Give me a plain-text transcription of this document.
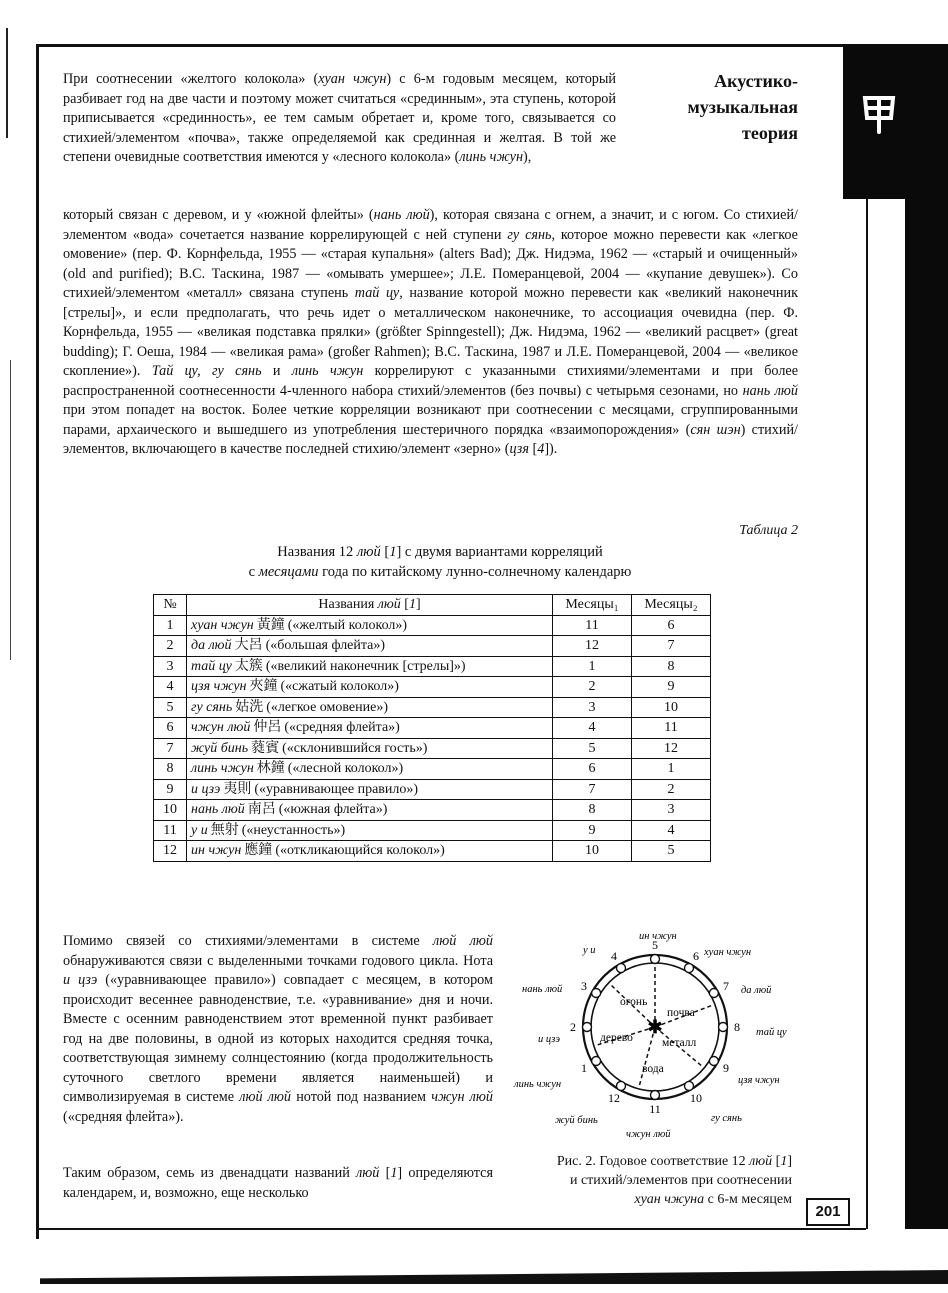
201
Акустико-
музыкальная
теория
При соотнесении «желтого колокола» (хуан чжун) с 6-м годовым месяцем, который разбивает год на две части и поэтому может считаться «срединным», эта ступень, которой приписывается «срединность», ее тем самым обретает и, кроме того, связывается со стихией/элементом «почва», также определяемой как срединная и желтая. В той же степени очевидные соответствия имеются у «лесного колокола» (линь чжун),
который связан с деревом, и у «южной флейты» (нань люй), которая связана с огнем, а значит, и с югом. Со стихией/элементом «вода» сочетается название коррелирующей с ней ступени гу сянь, которое можно перевести как «легкое омовение» (пер. Ф. Корнфельда, 1955 — «старая купальня» (alters Bad); Дж. Нидэма, 1962 — «старый и очищенный» (old and purified); В.С. Таскина, 1987 — «омывать умершее»; Л.Е. Померанцевой, 2004 — «купание девушек»). Со стихией/элементом «металл» связана ступень тай цу, название которой можно перевести как «великий наконечник [стрелы]», и если предполагать, что речь идет о металлическом наконечнике, то ассоциация очевидна (пер. Ф. Корнфельда, 1955 — «великая подставка прялки» (größter Spinngestell); Дж. Нидэма, 1962 — «великий расцвет» (great budding); Г. Оеша, 1984 — «великая рама» (großer Rahmen); В.С. Таскина, 1987 и Л.Е. Померанцевой, 2004 — «великое скопление»). Тай цу, гу сянь и линь чжун коррелируют с указанными стихиями/элементами и при более распространенной соотнесенности 4-членного набора стихий/элементов (без почвы) с четырьмя сезонами, но нань люй при этом попадет на восток. Более четкие корреляции возникают при соотнесении с месяцами, сгруппированными парами, архаического и вышедшего из употребления шестеричного порядка «взаимопорождения» (сян шэн) стихий/элементов, включающего в качестве последней стихию/элемент «зерно» (цзя [4]).
Таблица 2
Названия 12 люй [1] с двумя вариантами корреляций
с месяцами года по китайскому лунно-солнечному календарю
№	Названия люй [1]	Месяцы₁	Месяцы₂
1	хуан чжун 黃鐘 («желтый колокол»)	11	6
2	да люй 大呂 («большая флейта»)	12	7
3	тай цу 太簇 («великий наконечник [стрелы]»)	1	8
4	цзя чжун 夾鐘 («сжатый колокол»)	2	9
5	гу сянь 姑洗 («легкое омовение»)	3	10
6	чжун люй 仲呂 («средняя флейта»)	4	11
7	жуй бинь 蕤賓 («склонившийся гость»)	5	12
8	линь чжун 林鐘 («лесной колокол»)	6	1
9	и цзэ 夷則 («уравнивающее правило»)	7	2
10	нань люй 南呂 («южная флейта»)	8	3
11	у и 無射 («неустанность»)	9	4
12	ин чжун 應鐘 («откликающийся колокол»)	10	5
Помимо связей со стихиями/элементами в системе люй люй обнаруживаются связи с выделенными точками годового цикла. Нота и цзэ («уравнивающее правило») совпадает с месяцем, в котором происходит весеннее равноденствие, т.е. «уравнивание» дня и ночи. Вместе с осенним равноденствием этот временной пункт разбивает год на две половины, в одной из которых находится средняя точка, соответствующая зимнему солнцестоянию (когда продолжительность суточного светлого времени является наименьшей) и символизируемая в системе люй люй нотой под названием чжун люй («средняя флейта»).
Таким образом, семь из двенадцати названий люй [1] определяются календарем, и, возможно, еще несколько
1
2
3
4
5
6
7
8
9
10
11
12
✱
огонь
почва
дерево	металл
вода
ин чжун
у и	хуан чжун
нань люй	да люй
и цзэ
тай цу
линь чжун	цзя чжун
жуй бинь	гу сянь
чжун люй
Рис. 2. Годовое соответствие 12 люй [1]
и стихий/элементов при соотнесении
хуан чжуна с 6-м месяцем
